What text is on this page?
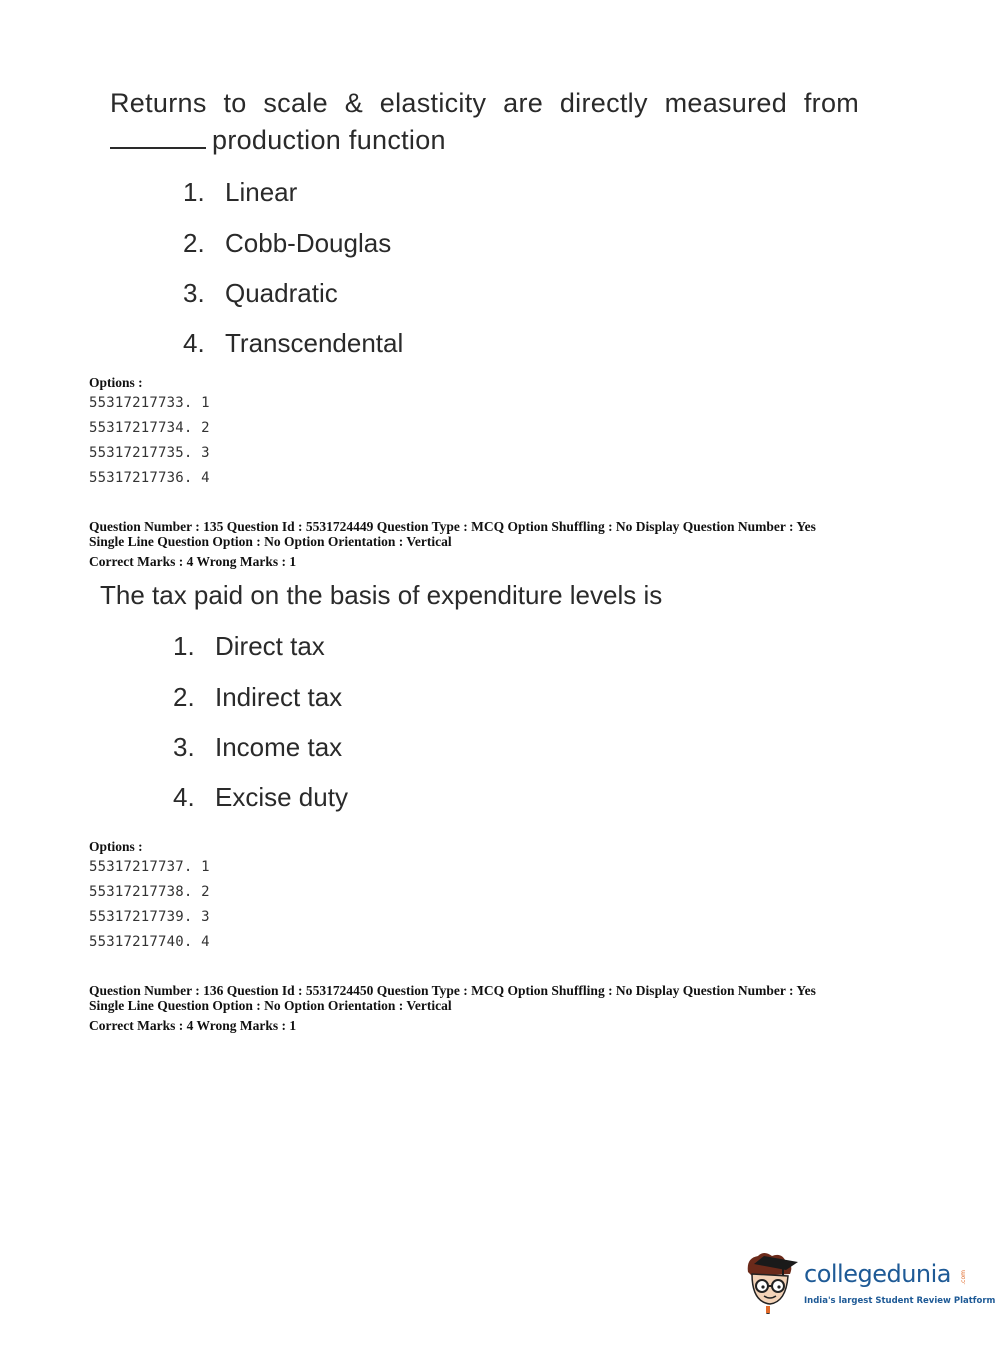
Returns to scale & elasticity are directly measured from
production function
1. Linear
2. Cobb-Douglas
3. Quadratic
4. Transcendental
Options :
55317217733. 1
55317217734. 2
55317217735. 3
55317217736. 4
Question Number : 135 Question Id : 5531724449 Question Type : MCQ Option Shuffling : No Display Question Number : Yes
Single Line Question Option : No Option Orientation : Vertical
Correct Marks : 4 Wrong Marks : 1
The tax paid on the basis of expenditure levels is
1. Direct tax
2. Indirect tax
3. Income tax
4. Excise duty
Options :
55317217737. 1
55317217738. 2
55317217739. 3
55317217740. 4
Question Number : 136 Question Id : 5531724450 Question Type : MCQ Option Shuffling : No Display Question Number : Yes
Single Line Question Option : No Option Orientation : Vertical
Correct Marks : 4 Wrong Marks : 1
collegedunia .com
India's largest Student Review Platform
